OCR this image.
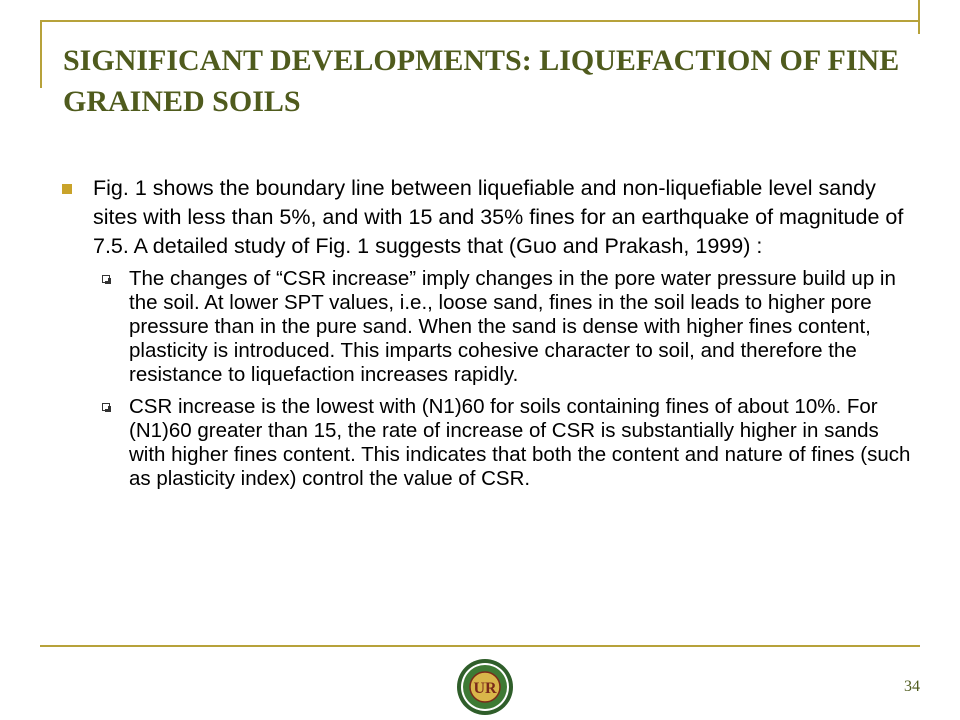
SIGNIFICANT DEVELOPMENTS: LIQUEFACTION OF FINE GRAINED SOILS
Fig. 1 shows the boundary line between liquefiable and non-liquefiable level sandy sites with less than 5%, and with 15 and 35% fines for an earthquake of magnitude of 7.5. A detailed study of Fig. 1 suggests that (Guo and Prakash, 1999) :
The changes of “CSR increase” imply changes in the pore water pressure build up in the soil. At lower SPT values, i.e., loose sand, fines in the soil leads to higher pore pressure than in the pure sand. When the sand is dense with higher fines content, plasticity is introduced. This imparts cohesive character to soil, and therefore the resistance to liquefaction increases rapidly.
CSR increase is the lowest with (N1)60 for soils containing fines of about 10%. For (N1)60 greater than 15, the rate of increase of CSR is substantially higher in sands with higher fines content. This indicates that both the content and nature of fines (such as plasticity index) control the value of CSR.
UR	34
